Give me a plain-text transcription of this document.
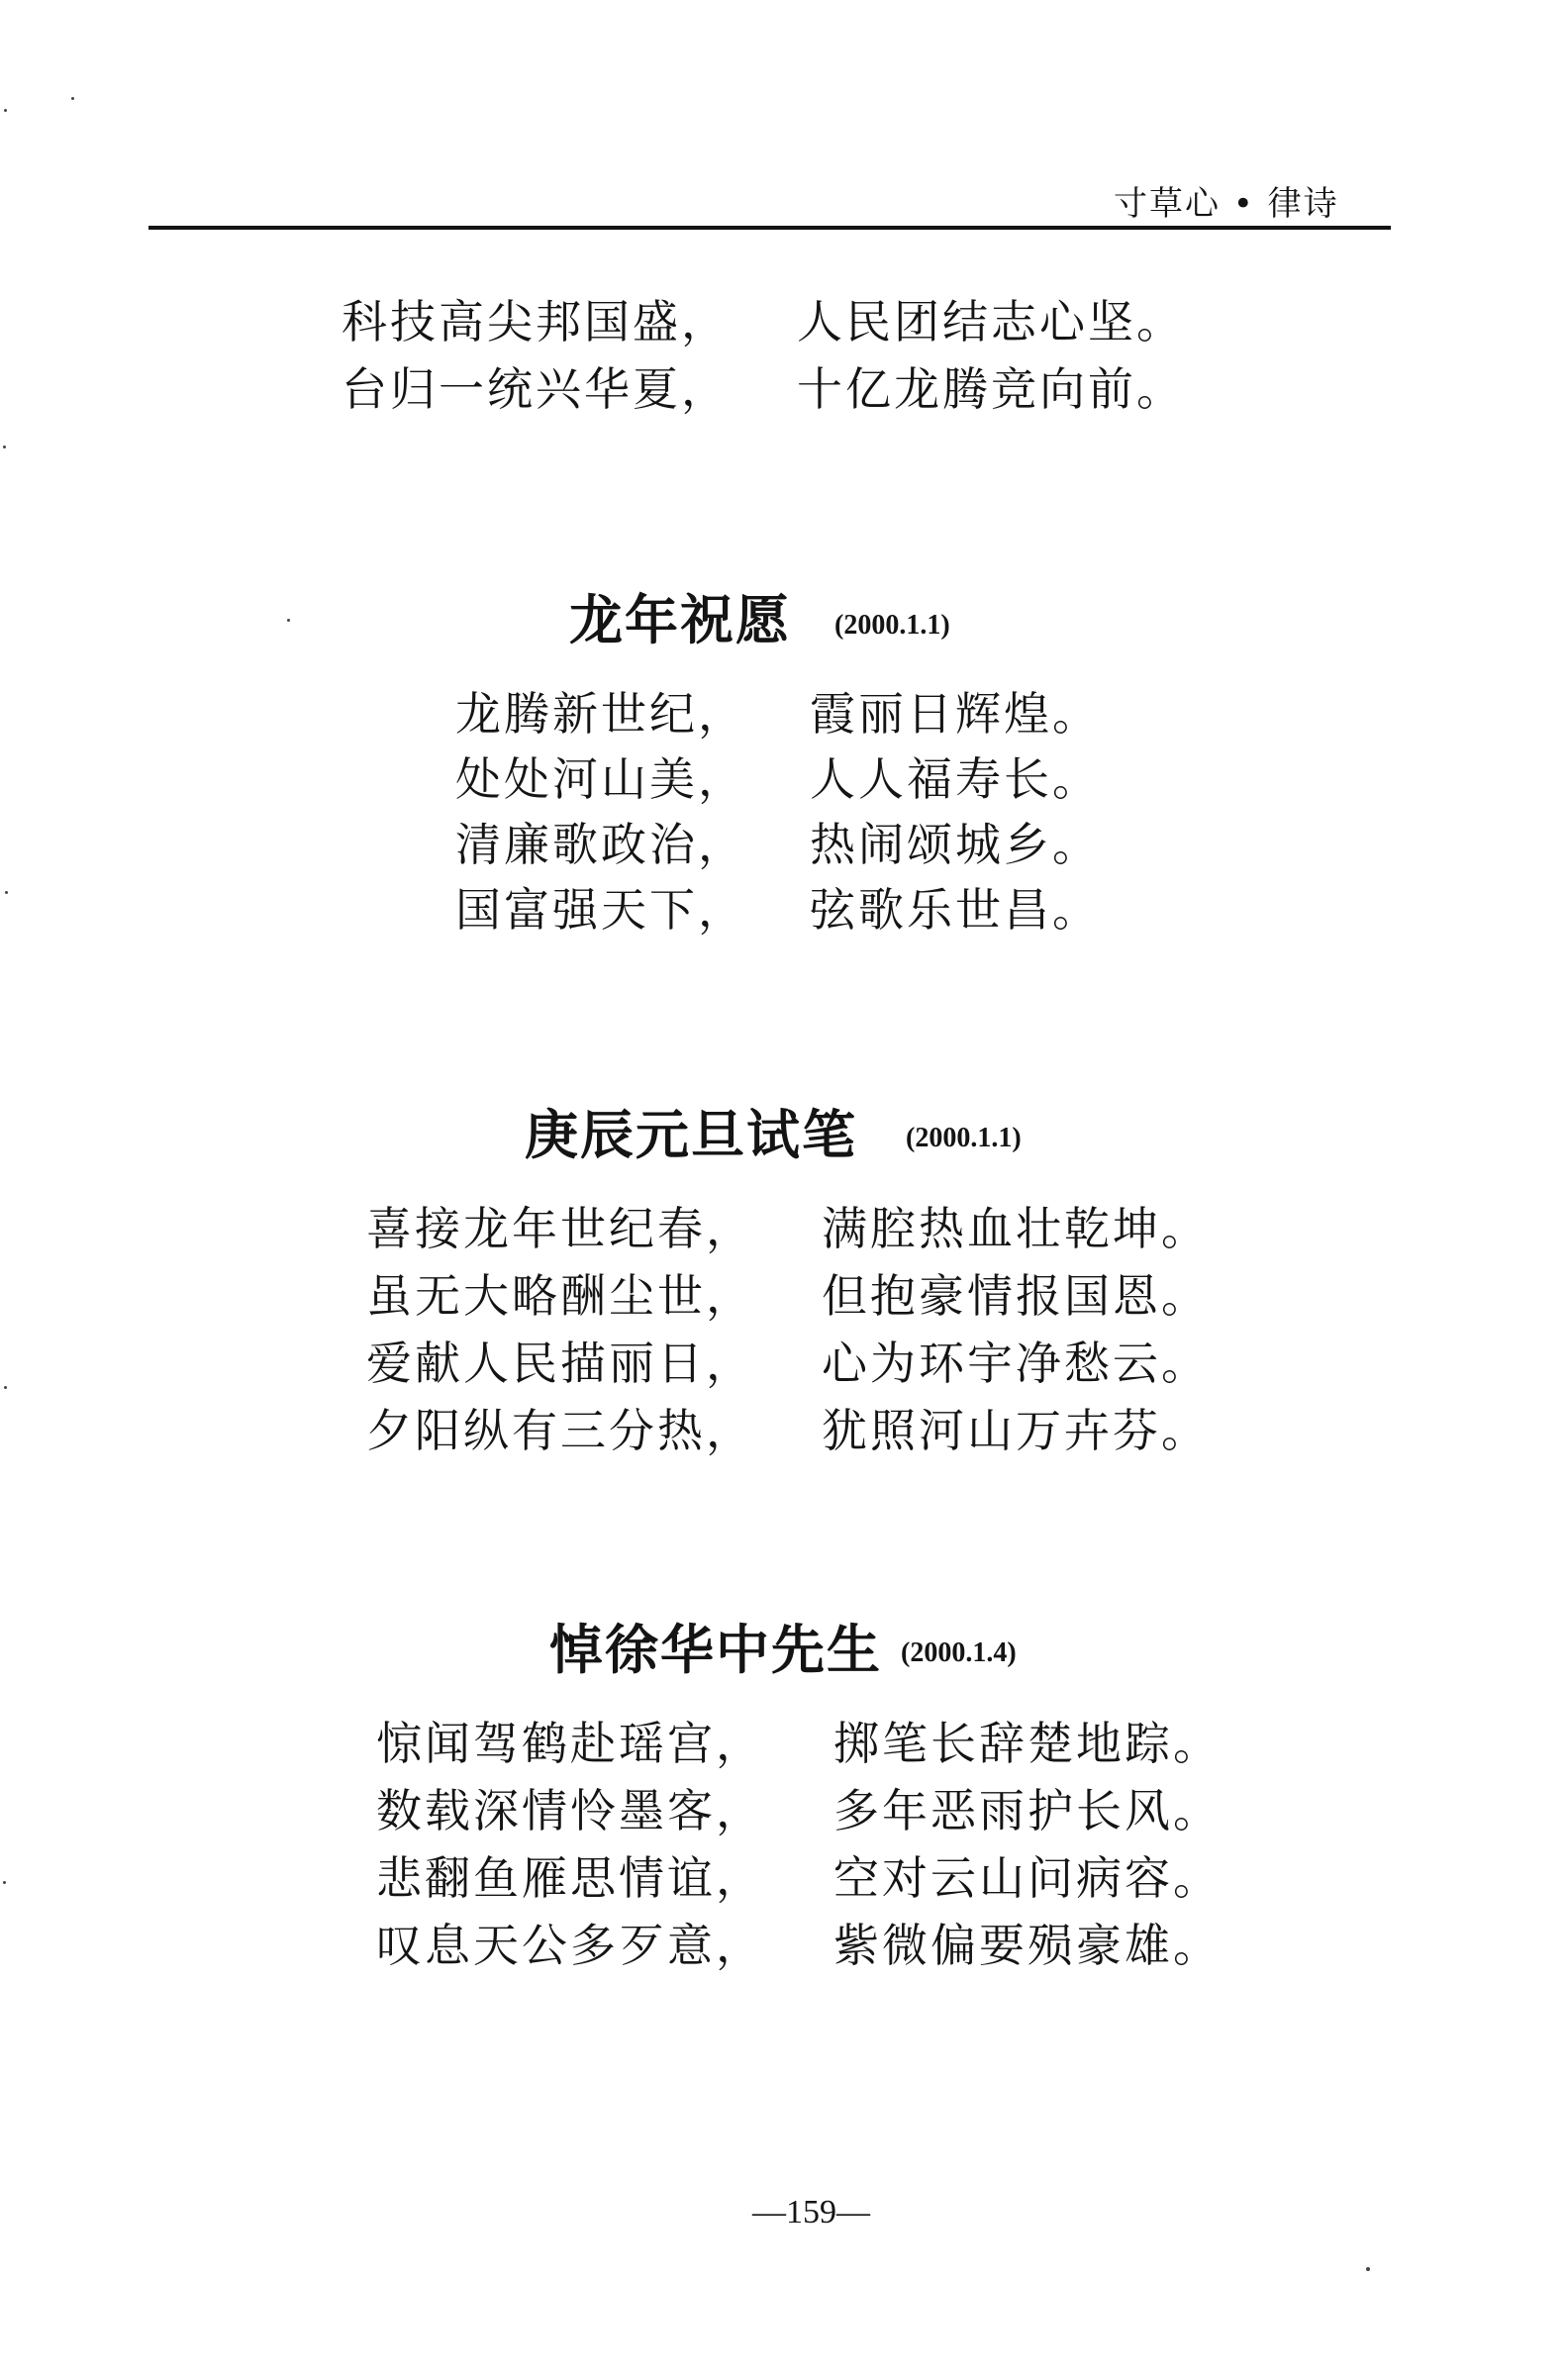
寸草心 • 律诗
科技高尖邦国盛， 人民团结志心坚。
台归一统兴华夏， 十亿龙腾竞向前。
龙年祝愿 (2000.1.1)
龙腾新世纪， 霞丽日辉煌。
处处河山美， 人人福寿长。
清廉歌政治， 热闹颂城乡。
国富强天下， 弦歌乐世昌。
庚辰元旦试笔 (2000.1.1)
喜接龙年世纪春， 满腔热血壮乾坤。
虽无大略酬尘世， 但抱豪情报国恩。
爱献人民描丽日， 心为环宇净愁云。
夕阳纵有三分热， 犹照河山万卉芬。
悼徐华中先生 (2000.1.4)
惊闻驾鹤赴瑶宫， 掷笔长辞楚地踪。
数载深情怜墨客， 多年恶雨护长风。
悲翻鱼雁思情谊， 空对云山问病容。
叹息天公多歹意， 紫微偏要殒豪雄。
—159—
